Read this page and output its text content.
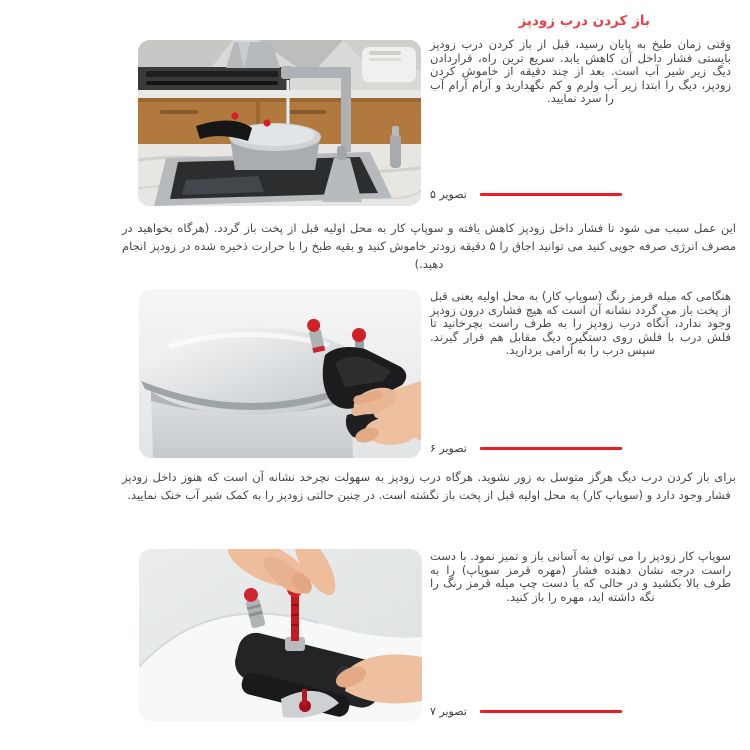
باز کردن درب زودپز
وقتی زمان طبخ به پایان رسید، قبل از باز کردن درب زودپز بایستی فشار داخل آن کاهش یابد. سریع ترین راه، قراردادن دیگ زیر شیر آب است. بعد از چند دقیقه از خاموش کردن زودپز، دیگ را ابتدا زیر آب ولرم و کم نگهدارید و آرام آرام آب را سرد نمایید.
تصویر ۵
این عمل سبب می شود تا فشار داخل زودپز کاهش یافته و سوپاپ کار به محل اولیه قبل از پخت باز گردد. (هرگاه بخواهید در مصرف انرژی صرفه جویی کنید می توانید اجاق را ۵ دقیقه زودتر خاموش کنید و بقیه طبخ را با حرارت ذخیره شده در زودپز انجام دهید.)
هنگامی که میله قرمز رنگ (سوپاپ کار) به محل اولیه یعنی قبل از پخت باز می گردد نشانه آن است که هیچ فشاری درون زودپز وجود ندارد، آنگاه درب زودپز را به طرف راست بچرخانید تا فلش درب با فلش روی دستگیره دیگ مقابل هم قرار گیرند. سپس درب را به آرامی بردارید.
تصویر ۶
برای باز کردن درب دیگ هرگز متوسل به زور نشوید. هرگاه درب زودپز به سهولت نچرخد نشانه آن است که هنوز داخل زودپز فشار وجود دارد و (سوپاپ کار) به محل اولیه قبل از پخت باز نگشته است. در چنین حالتی زودپز را به کمک شیر آب خنک نمایید.
سوپاپ کار زودپز را می توان به آسانی باز و تمیز نمود. با دست راست درجه نشان دهنده فشار (مهره قرمز سوپاپ) را به طرف بالا بکشید و در حالی که با دست چپ میله قرمز رنگ را نگه داشته اید، مهره را باز کنید.
تصویر ۷
